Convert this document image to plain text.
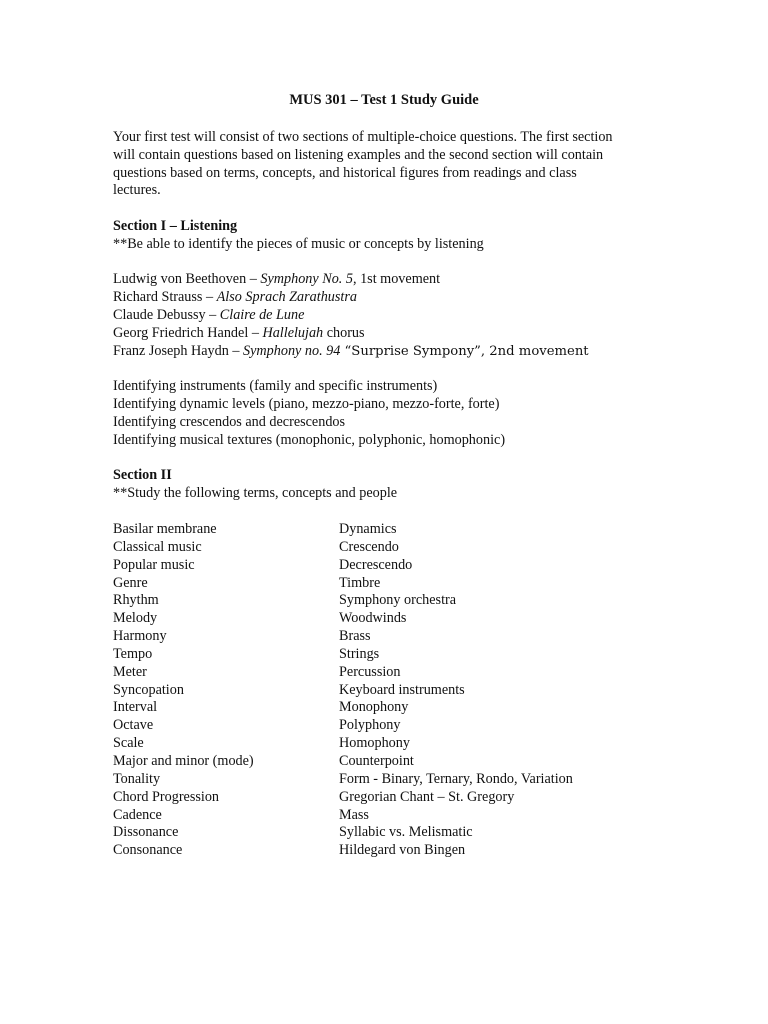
MUS 301 – Test 1 Study Guide
Your first test will consist of two sections of multiple-choice questions. The first section
will contain questions based on listening examples and the second section will contain
questions based on terms, concepts, and historical figures from readings and class
lectures.
Section I – Listening
**Be able to identify the pieces of music or concepts by listening
Ludwig von Beethoven – Symphony No. 5, 1st movement
Richard Strauss – Also Sprach Zarathustra
Claude Debussy – Claire de Lune
Georg Friedrich Handel – Hallelujah chorus
Franz Joseph Haydn – Symphony no. 94 “Surprise Sympony”, 2nd movement
Identifying instruments (family and specific instruments)
Identifying dynamic levels (piano, mezzo-piano, mezzo-forte, forte)
Identifying crescendos and decrescendos
Identifying musical textures (monophonic, polyphonic, homophonic)
Section II
**Study the following terms, concepts and people
Basilar membrane	Dynamics
Classical music	Crescendo
Popular music	Decrescendo
Genre	Timbre
Rhythm	Symphony orchestra
Melody	Woodwinds
Harmony	Brass
Tempo	Strings
Meter	Percussion
Syncopation	Keyboard instruments
Interval	Monophony
Octave	Polyphony
Scale	Homophony
Major and minor (mode)	Counterpoint
Tonality	Form - Binary, Ternary, Rondo, Variation
Chord Progression	Gregorian Chant – St. Gregory
Cadence	Mass
Dissonance	Syllabic vs. Melismatic
Consonance	Hildegard von Bingen
